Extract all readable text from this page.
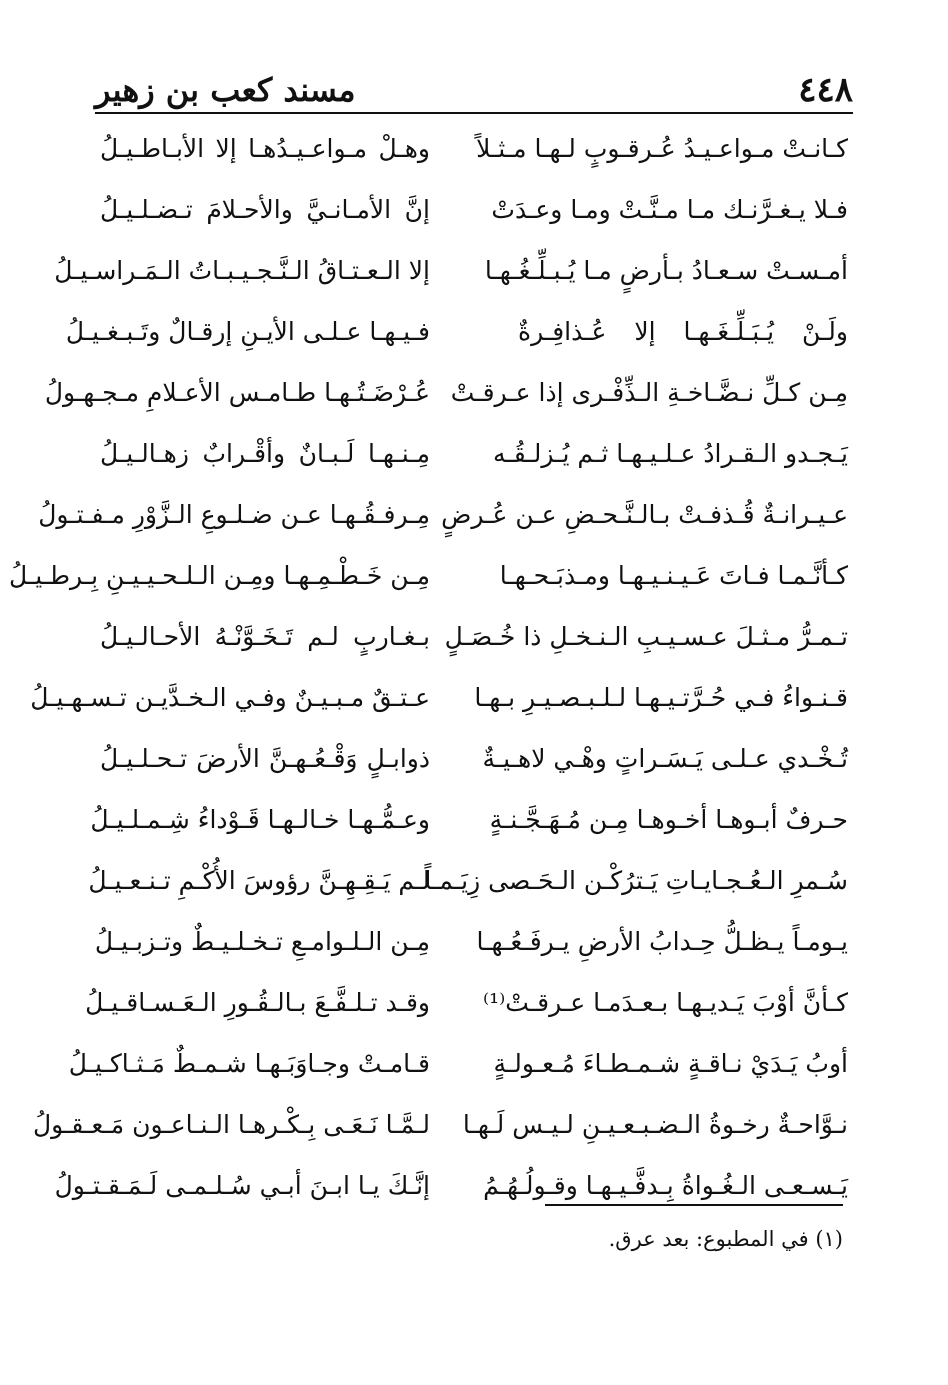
٤٤٨
مسند كعب بن زهير
كـانـتْ مـواعـيـدُ عُـرقـوبٍ لـهـا مـثـلاً
وهـلْ مـواعـيـدُهـا إلا الأبـاطـيـلُ
فـلا يـغـرَّنـك مـا مـنَّـتْ ومـا وعـدَتْ
إنَّ الأمـانـيَّ والأحـلامَ تـضـلـيـلُ
أمـسـتْ سـعـادُ بـأرضٍ مـا يُـبـلِّـغُـهـا
إلا الـعـتـاقُ الـنَّـجـيـبـاتُ الـمَـراسـيـلُ
ولَـنْ يُـبَـلِّـغَـهـا إلا عُـذافِـرةٌ
فـيـهـا عـلـى الأيـنِ إرقـالٌ وتَـبـغـيـلُ
مِـن كـلِّ نـضَّـاخـةِ الـذِّفْـرى إذا عـرقـتْ
عُـرْضَـتُـهـا طـامـس الأعـلامِ مـجـهـولُ
يَـجـدو الـقـرادُ عـلـيـهـا ثـم يُـزلـقُـه
مِـنـهـا لَـبـانٌ وأقْـرابٌ زهـالـيـلُ
عـيـرانـةٌ قُـذفـتْ بـالـنَّـحـضِ عـن عُـرضٍ
مِـرفـقُـهـا عـن ضـلـوعِ الـزَّوْرِ مـفـتـولُ
كـأنَّـمـا فـاتَ عَـيـنـيـهـا ومـذبَـحـهـا
مِـن خَـطْـمِـهـا ومِـن الـلـحـيـيـنِ بِـرطـيـلُ
تـمـرُّ مـثـلَ عـسـيـبِ الـنـخـلِ ذا خُـصَـلٍ
بـغـاربٍ لـم تَـخَـوَّنْـهُ الأحـالـيـلُ
قـنـواءُ فـي حُـرَّتـيـهـا لـلـبـصـيـرِ بـهـا
عـتـقٌ مـبـيـنٌ وفـي الـخـدَّيـن تـسـهـيـلُ
تُـخْـدي عـلـى يَـسَـراتٍ وهْـي لاهـيـةٌ
ذوابـلٍ وَقْـعُـهـنَّ الأرضَ تـحـلـيـلُ
حـرفٌ أبـوهـا أخـوهـا مِـن مُـهَـجَّـنـةٍ
وعـمُّـهـا خـالـهـا قَـوْداءُ شِـمـلـيـلُ
سُـمرِ الـعُـجـايـاتِ يَـترُكْـن الـحَـصى زِيَـمـاً
لـم يَـقِـهِـنَّ رؤوسَ الأُكْـمِ تـنـعـيـلُ
يـومـاً يـظـلُّ حِـدابُ الأرضِ يـرفَـعُـهـا
مِـن الـلـوامـعِ تـخـلـيـطٌ وتـزبـيـلُ
كـأنَّ أوْبَ يَـديـهـا بـعـدَمـا عـرقـتْ⁽¹⁾
وقـد تـلـفَّـعَ بـالـقُـورِ الـعَـسـاقـيـلُ
أوبُ يَـدَيْ نـاقـةٍ شـمـطـاءَ مُـعـولـةٍ
قـامـتْ وجـاوَبَـهـا شـمـطٌ مَـثـاكـيـلُ
نـوَّاحـةٌ رخـوةُ الـضـبـعـيـنِ لـيـس لَـهـا
لـمَّـا نَـعَـى بِـكْـرهـا الـنـاعـون مَـعـقـولُ
يَـسـعـى الـغُـواةُ بِـدفَّـيـهـا وقـولُـهُـمُ
إنَّـكَ يـا ابـنَ أبـي سُـلـمـى لَـمَـقـتـولُ
(١) في المطبوع: بعد عرق.
